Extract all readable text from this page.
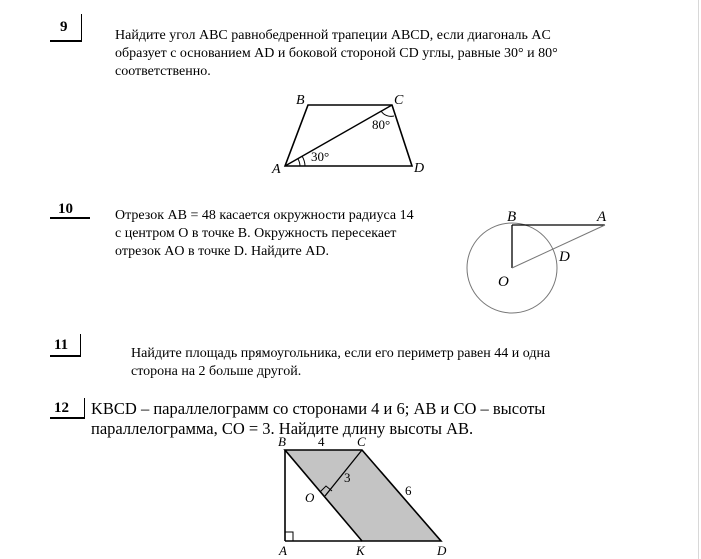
9
Найдите угол ABC равнобедренной трапеции ABCD, если диагональ AC
образует с основанием AD и боковой стороной CD углы, равные 30° и 80°
соответственно.
A
B	C
D
30°
80°
10	Отрезок AB = 48 касается окружности радиуса 14
с центром O в точке B. Окружность пересекает
отрезок AO в точке D. Найдите AD.
B	A
D
O
11
Найдите площадь прямоугольника, если его периметр равен 44 и одна
сторона на 2 больше другой.
12 KBCD – параллелограмм со сторонами 4 и 6; AB и CO – высоты
параллелограмма, CO = 3. Найдите длину высоты AB.
B	C
O
A	K	D
4
6
3
